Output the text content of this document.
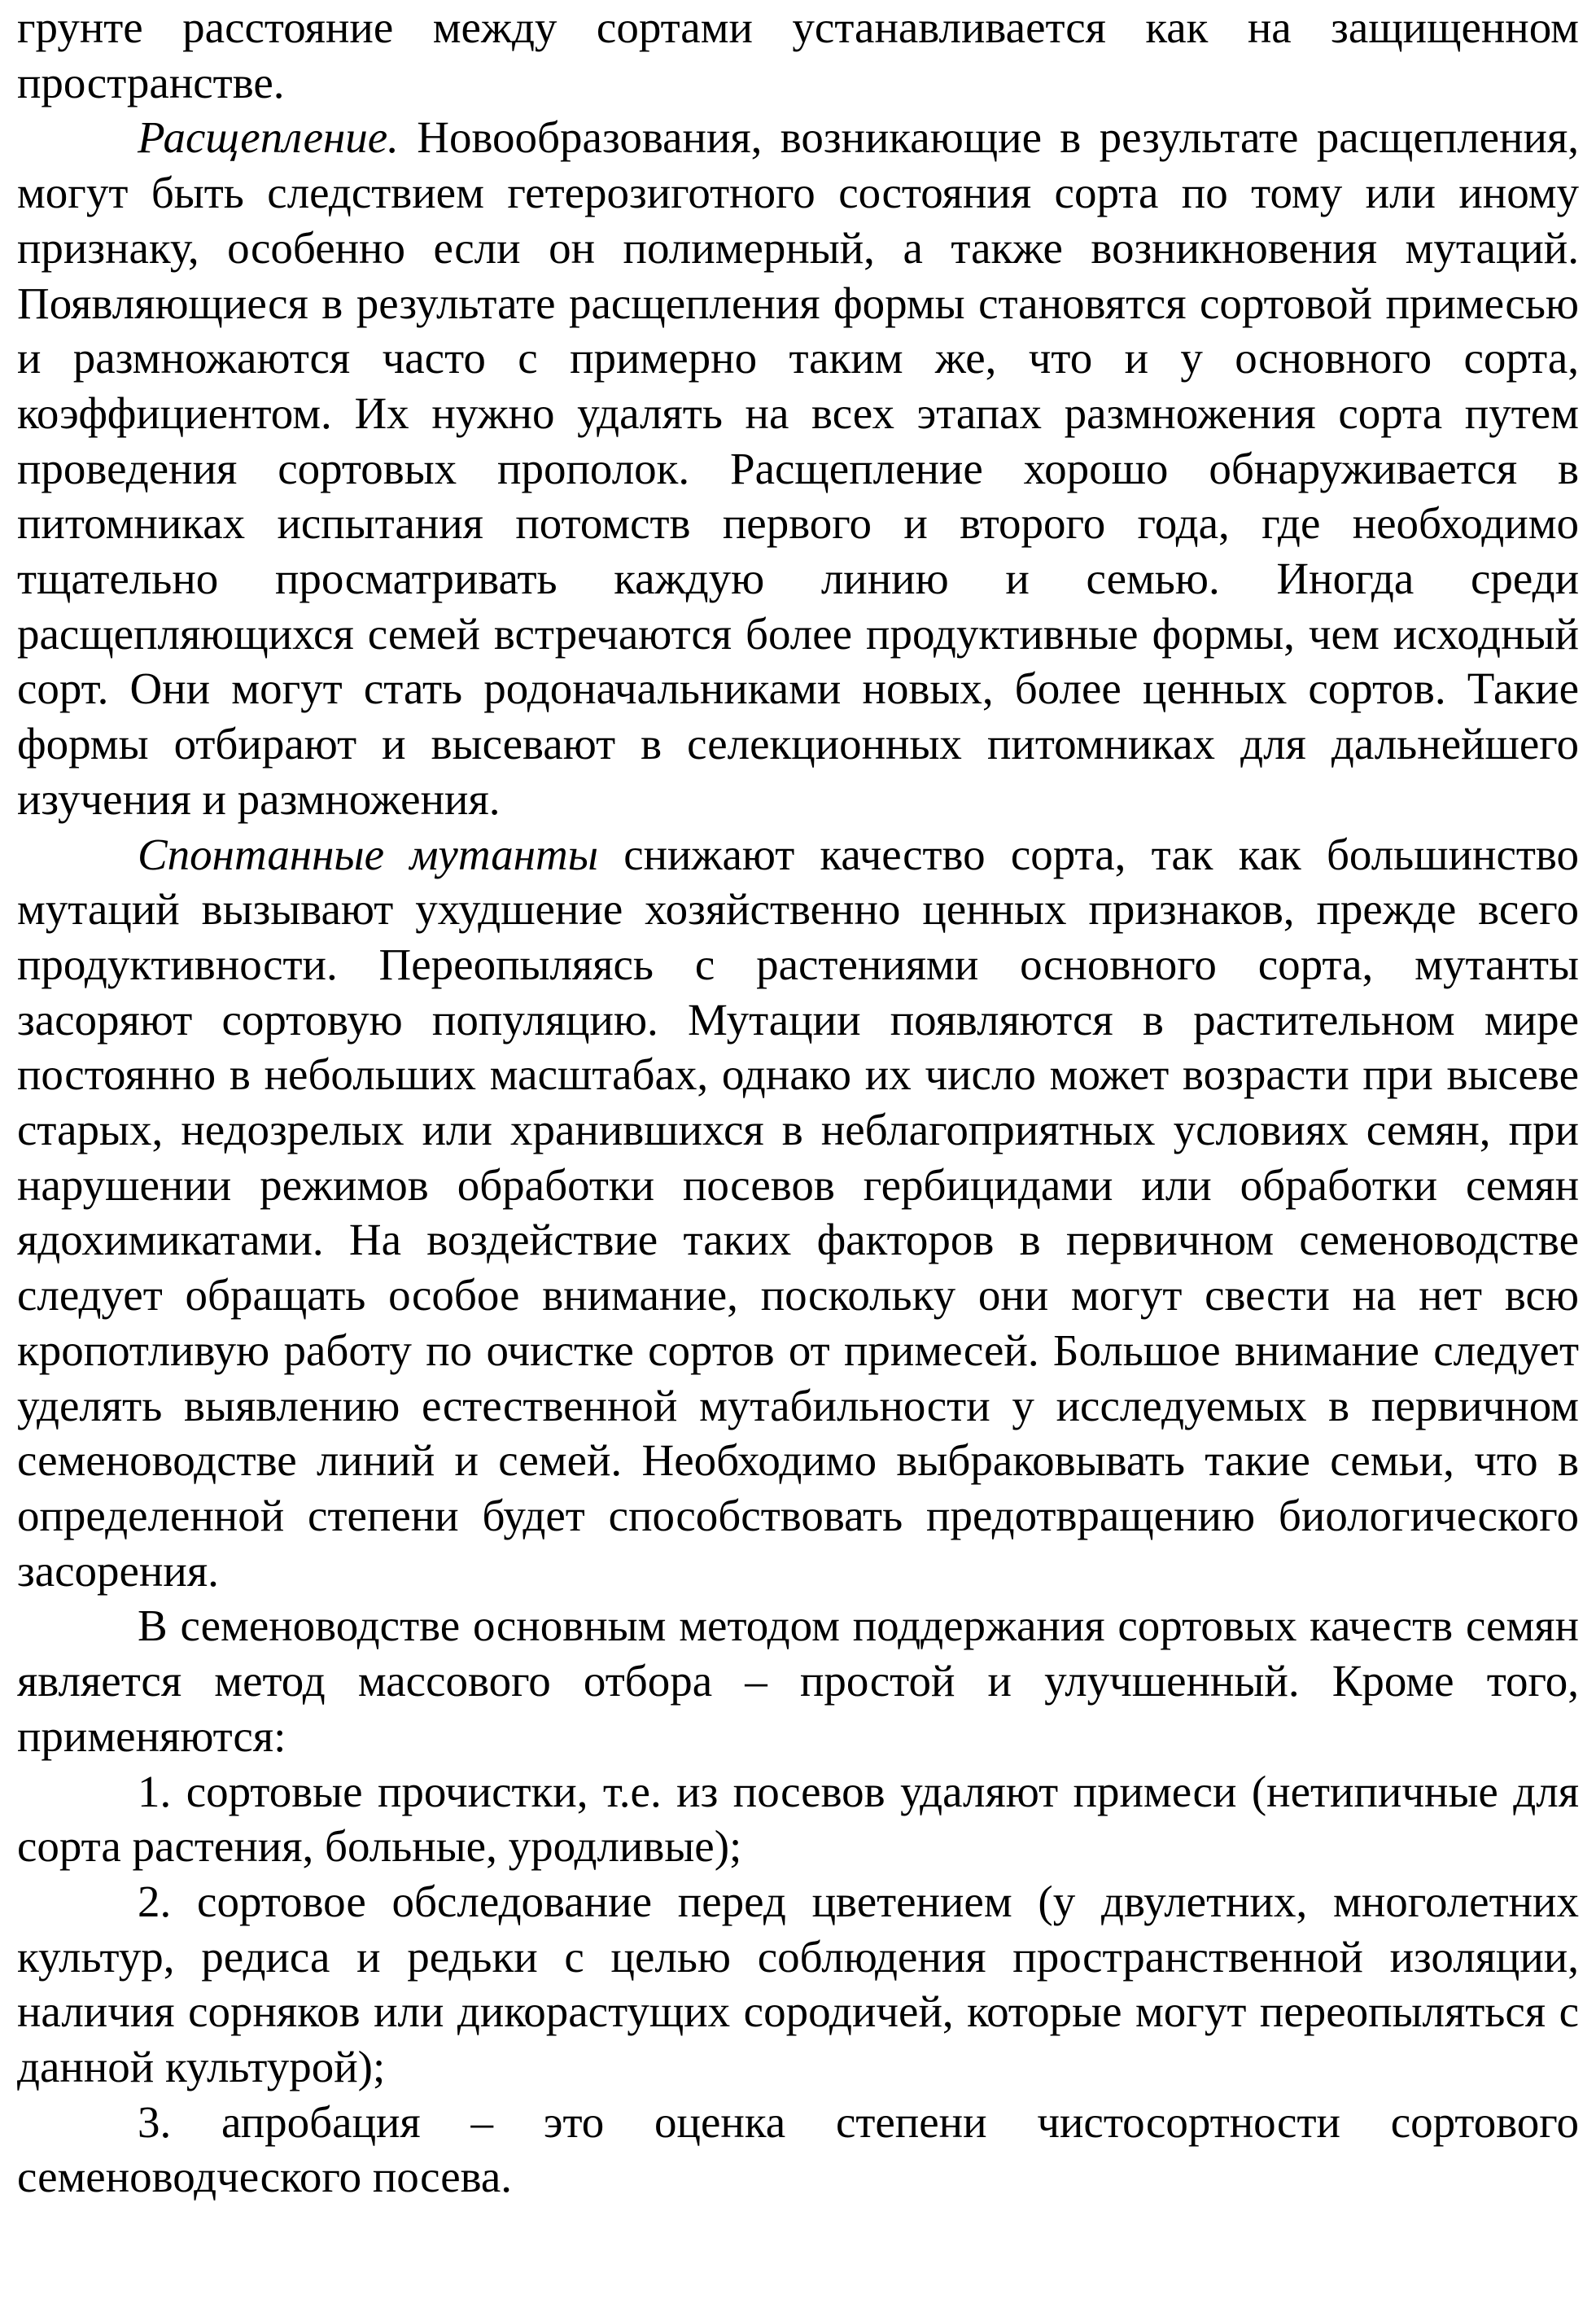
грунте расстояние между сортами устанавливается как на защищенном пространстве.

Расщепление. Новообразования, возникающие в результате расщепления, могут быть следствием гетерозиготного состояния сорта по тому или иному признаку, особенно если он полимерный, а также возникновения мутаций. Появляющиеся в результате расщепления формы становятся сортовой примесью и размножаются часто с примерно таким же, что и у основного сорта, коэффициентом. Их нужно удалять на всех этапах размножения сорта путем проведения сортовых прополок. Расщепление хорошо обнаруживается в питомниках испытания потомств первого и второго года, где необходимо тщательно просматривать каждую линию и семью. Иногда среди расщепляющихся семей встречаются более продуктивные формы, чем исходный сорт. Они могут стать родоначальниками новых, более ценных сортов. Такие формы отбирают и высевают в селекционных питомниках для дальнейшего изучения и размножения.

Спонтанные мутанты снижают качество сорта, так как большинство мутаций вызывают ухудшение хозяйственно ценных признаков, прежде всего продуктивности. Переопыляясь с растениями основного сорта, мутанты засоряют сортовую популяцию. Мутации появляются в растительном мире постоянно в небольших масштабах, однако их число может возрасти при высеве старых, недозрелых или хранившихся в неблагоприятных условиях семян, при нарушении режимов обработки посевов гербицидами или обработки семян ядохимикатами. На воздействие таких факторов в первичном семеноводстве следует обращать особое внимание, поскольку они могут свести на нет всю кропотливую работу по очистке сортов от примесей. Большое внимание следует уделять выявлению естественной мутабильности у исследуемых в первичном семеноводстве линий и семей. Необходимо выбраковывать такие семьи, что в определенной степени будет способствовать предотвращению биологического засорения.

В семеноводстве основным методом поддержания сортовых качеств семян является метод массового отбора – простой и улучшенный. Кроме того, применяются:

1. сортовые прочистки, т.е. из посевов удаляют примеси (нетипичные для сорта растения, больные, уродливые);

2. сортовое обследование перед цветением (у двулетних, многолетних культур, редиса и редьки с целью соблюдения пространственной изоляции, наличия сорняков или дикорастущих сородичей, которые могут переопыляться с данной культурой);

3. апробация – это оценка степени чистосортности сортового семеноводческого посева.
